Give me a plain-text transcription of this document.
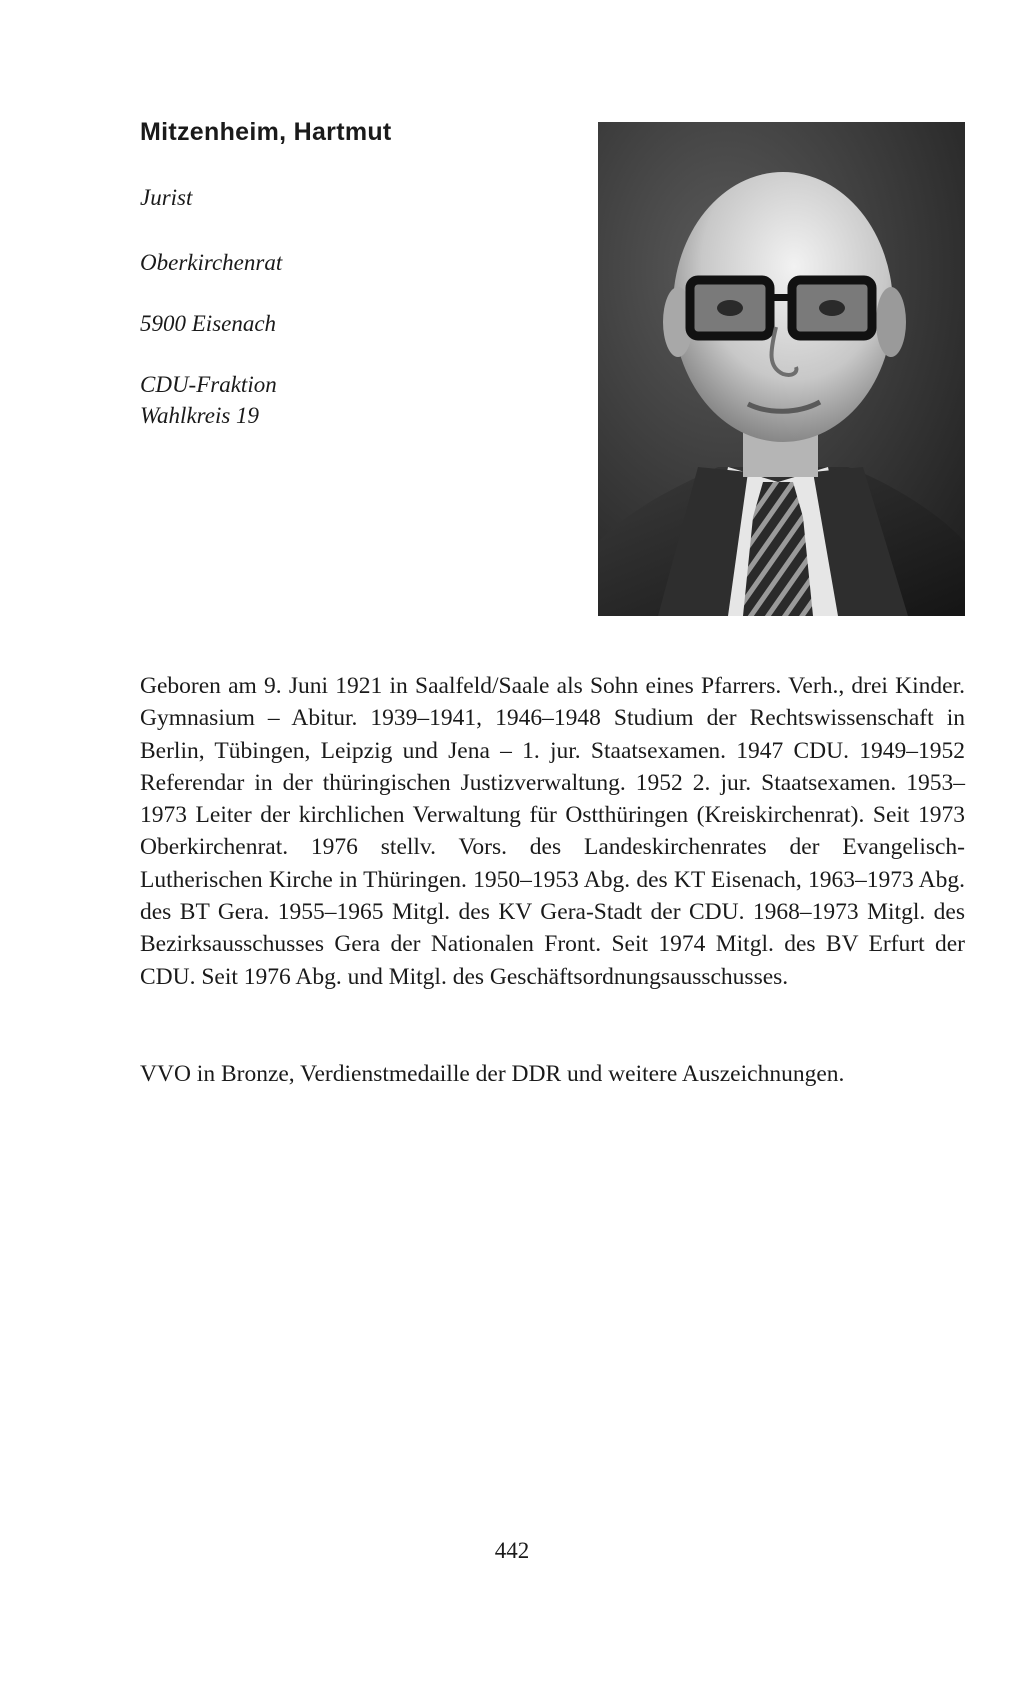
Mitzenheim, Hartmut

Jurist

Oberkirchenrat

5900 Eisenach

CDU-Fraktion

Wahlkreis 19

Geboren am 9. Juni 1921 in Saalfeld/Saale als Sohn eines Pfarrers. Verh., drei Kinder. Gymnasium – Abitur. 1939–1941, 1946–1948 Studium der Rechtswissenschaft in Berlin, Tübingen, Leipzig und Jena – 1. jur. Staatsexamen. 1947 CDU. 1949–1952 Referendar in der thüringischen Justizverwaltung. 1952 2. jur. Staatsexamen. 1953–1973 Leiter der kirchlichen Verwaltung für Ostthüringen (Kreiskirchenrat). Seit 1973 Oberkirchenrat. 1976 stellv. Vors. des Landeskirchenrates der Evangelisch-Lutherischen Kirche in Thüringen. 1950–1953 Abg. des KT Eisenach, 1963–1973 Abg. des BT Gera. 1955–1965 Mitgl. des KV Gera-Stadt der CDU. 1968–1973 Mitgl. des Bezirksausschusses Gera der Nationalen Front. Seit 1974 Mitgl. des BV Erfurt der CDU. Seit 1976 Abg. und Mitgl. des Geschäftsordnungsausschusses.

VVO in Bronze, Verdienstmedaille der DDR und weitere Auszeichnungen.

442
